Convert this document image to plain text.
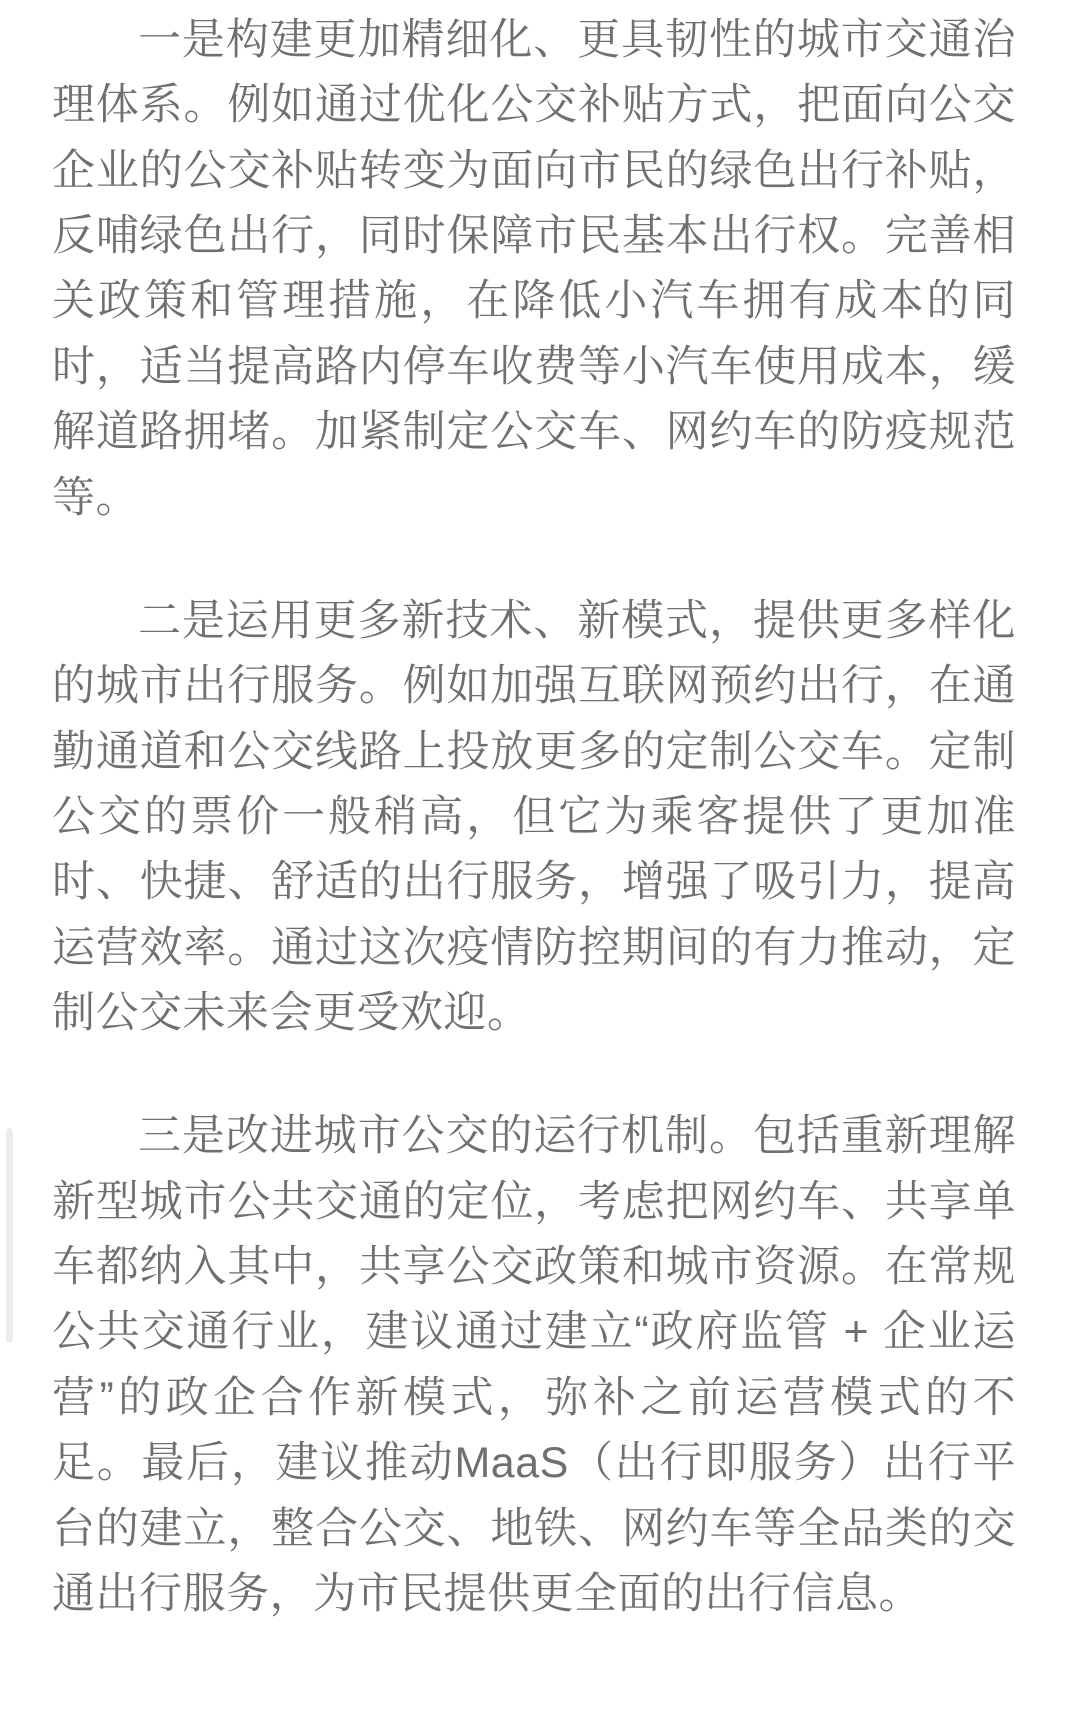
一是构建更加精细化、更具韧性的城市交通治理体系。例如通过优化公交补贴方式，把面向公交企业的公交补贴转变为面向市民的绿色出行补贴，反哺绿色出行，同时保障市民基本出行权。完善相关政策和管理措施，在降低小汽车拥有成本的同时，适当提高路内停车收费等小汽车使用成本，缓解道路拥堵。加紧制定公交车、网约车的防疫规范等。

二是运用更多新技术、新模式，提供更多样化的城市出行服务。例如加强互联网预约出行，在通勤通道和公交线路上投放更多的定制公交车。定制公交的票价一般稍高，但它为乘客提供了更加准时、快捷、舒适的出行服务，增强了吸引力，提高运营效率。通过这次疫情防控期间的有力推动，定制公交未来会更受欢迎。

三是改进城市公交的运行机制。包括重新理解新型城市公共交通的定位，考虑把网约车、共享单车都纳入其中，共享公交政策和城市资源。在常规公共交通行业，建议通过建立“政府监管 + 企业运营”的政企合作新模式，弥补之前运营模式的不足。最后，建议推动MaaS（出行即服务）出行平台的建立，整合公交、地铁、网约车等全品类的交通出行服务，为市民提供更全面的出行信息。
